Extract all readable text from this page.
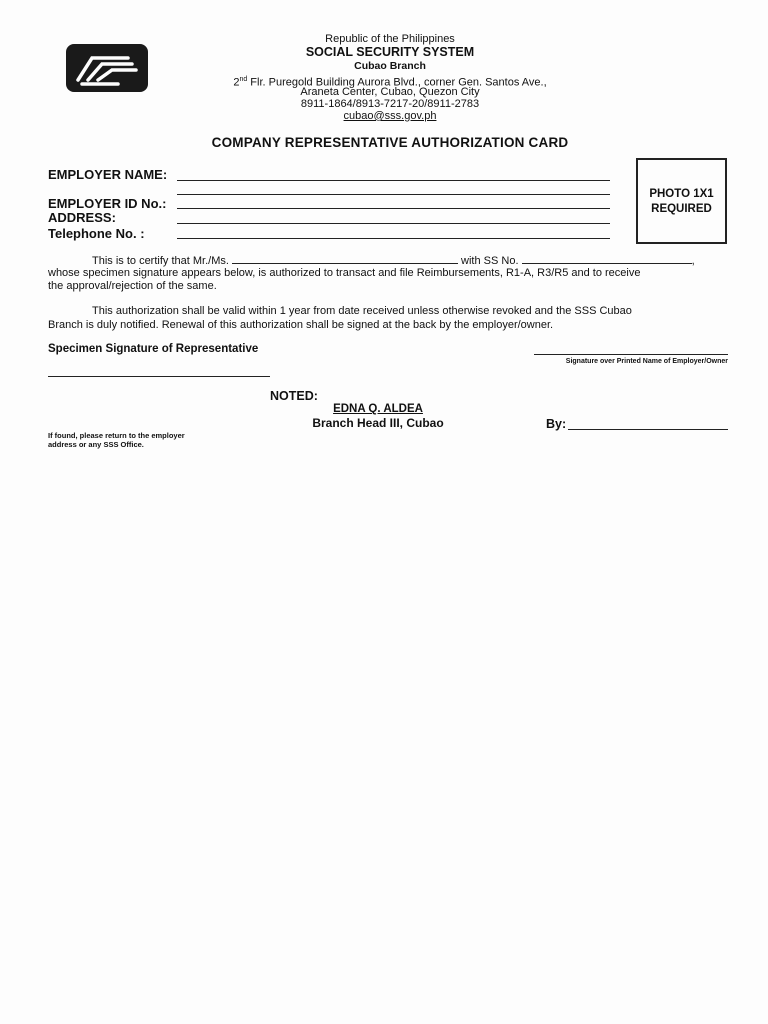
Republic of the Philippines
SOCIAL SECURITY SYSTEM
Cubao Branch
2nd Flr. Puregold Building Aurora Blvd., corner Gen. Santos Ave.,
Araneta Center, Cubao, Quezon City
8911-1864/8913-7217-20/8911-2783
cubao@sss.gov.ph
COMPANY REPRESENTATIVE AUTHORIZATION CARD
EMPLOYER NAME:
EMPLOYER ID No.:
ADDRESS:
Telephone No. :
PHOTO 1X1
REQUIRED
This is to certify that Mr./Ms.	with SS No.	,
whose specimen signature appears below, is authorized to transact and file Reimbursements, R1-A, R3/R5 and to receive
the approval/rejection of the same.
This authorization shall be valid within 1 year from date received unless otherwise revoked and the SSS Cubao
Branch is duly notified. Renewal of this authorization shall be signed at the back by the employer/owner.
Specimen Signature of Representative
Signature over Printed Name of Employer/Owner
NOTED:
EDNA Q. ALDEA
Branch Head III, Cubao	By:
If found, please return to the employer
address or any SSS Office.
